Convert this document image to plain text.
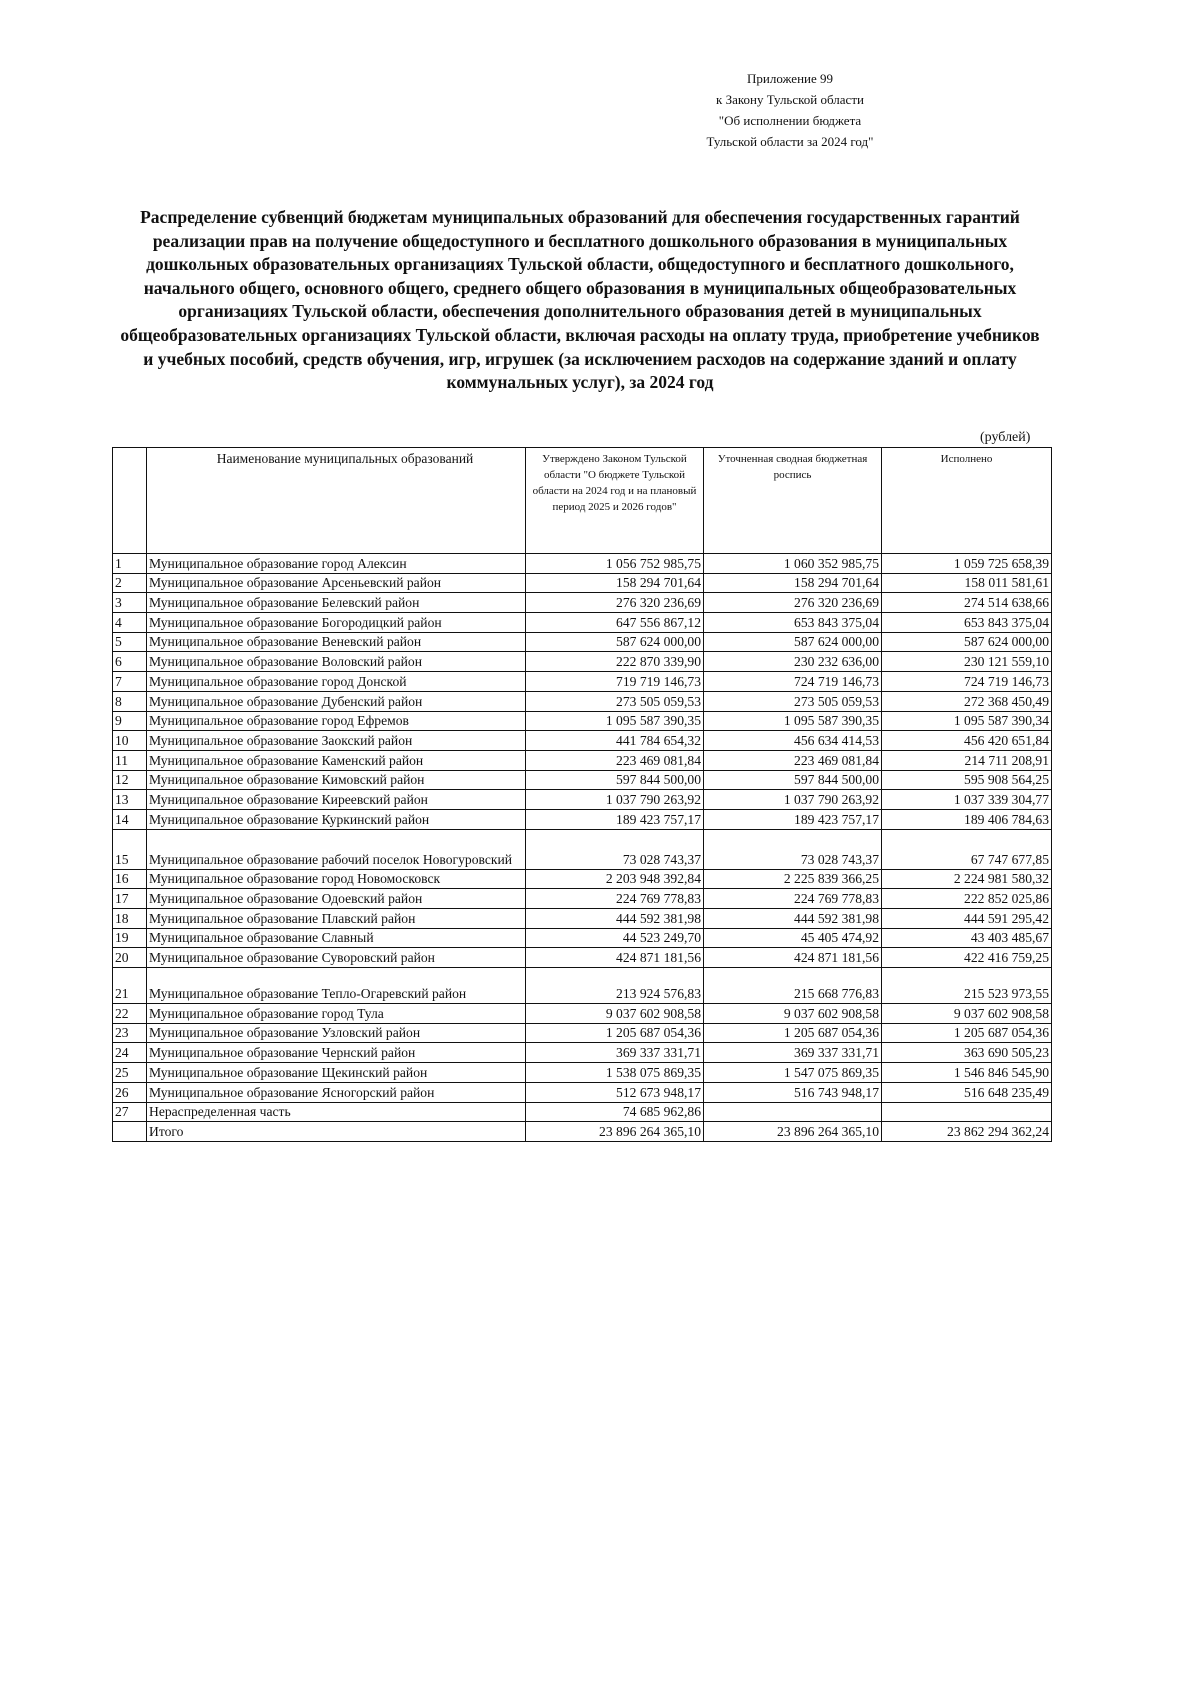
Приложение 99
к Закону Тульской области
"Об исполнении бюджета
Тульской области за 2024 год"
Распределение субвенций бюджетам муниципальных образований для обеспечения государственных гарантий реализации прав на получение общедоступного и бесплатного дошкольного образования в муниципальных дошкольных образовательных организациях Тульской области, общедоступного и бесплатного дошкольного, начального общего, основного общего, среднего общего образования в муниципальных общеобразовательных организациях Тульской области, обеспечения дополнительного образования детей в муниципальных общеобразовательных организациях Тульской области, включая расходы на оплату труда, приобретение учебников и учебных пособий, средств обучения, игр, игрушек (за исключением расходов на содержание зданий и оплату коммунальных услуг), за 2024 год
(рублей)
	Наименование муниципальных образований	Утверждено Законом Тульской области "О бюджете Тульской области на 2024 год и на плановый период 2025 и 2026 годов"	Уточненная сводная бюджетная роспись	Исполнено
1	Муниципальное образование город Алексин	1 056 752 985,75	1 060 352 985,75	1 059 725 658,39
2	Муниципальное образование Арсеньевский район	158 294 701,64	158 294 701,64	158 011 581,61
3	Муниципальное образование Белевский район	276 320 236,69	276 320 236,69	274 514 638,66
4	Муниципальное образование Богородицкий район	647 556 867,12	653 843 375,04	653 843 375,04
5	Муниципальное образование Веневский район	587 624 000,00	587 624 000,00	587 624 000,00
6	Муниципальное образование Воловский район	222 870 339,90	230 232 636,00	230 121 559,10
7	Муниципальное образование город Донской	719 719 146,73	724 719 146,73	724 719 146,73
8	Муниципальное образование Дубенский район	273 505 059,53	273 505 059,53	272 368 450,49
9	Муниципальное образование город Ефремов	1 095 587 390,35	1 095 587 390,35	1 095 587 390,34
10	Муниципальное образование Заокский район	441 784 654,32	456 634 414,53	456 420 651,84
11	Муниципальное образование Каменский район	223 469 081,84	223 469 081,84	214 711 208,91
12	Муниципальное образование Кимовский район	597 844 500,00	597 844 500,00	595 908 564,25
13	Муниципальное образование Киреевский район	1 037 790 263,92	1 037 790 263,92	1 037 339 304,77
14	Муниципальное образование Куркинский район	189 423 757,17	189 423 757,17	189 406 784,63
15	Муниципальное образование рабочий поселок Новогуровский	73 028 743,37	73 028 743,37	67 747 677,85
16	Муниципальное образование город Новомосковск	2 203 948 392,84	2 225 839 366,25	2 224 981 580,32
17	Муниципальное образование Одоевский район	224 769 778,83	224 769 778,83	222 852 025,86
18	Муниципальное образование Плавский район	444 592 381,98	444 592 381,98	444 591 295,42
19	Муниципальное образование Славный	44 523 249,70	45 405 474,92	43 403 485,67
20	Муниципальное образование Суворовский район	424 871 181,56	424 871 181,56	422 416 759,25
21	Муниципальное образование Тепло-Огаревский район	213 924 576,83	215 668 776,83	215 523 973,55
22	Муниципальное образование город Тула	9 037 602 908,58	9 037 602 908,58	9 037 602 908,58
23	Муниципальное образование Узловский район	1 205 687 054,36	1 205 687 054,36	1 205 687 054,36
24	Муниципальное образование Чернский район	369 337 331,71	369 337 331,71	363 690 505,23
25	Муниципальное образование Щекинский район	1 538 075 869,35	1 547 075 869,35	1 546 846 545,90
26	Муниципальное образование Ясногорский район	512 673 948,17	516 743 948,17	516 648 235,49
27	Нераспределенная часть	74 685 962,86		
	Итого	23 896 264 365,10	23 896 264 365,10	23 862 294 362,24
